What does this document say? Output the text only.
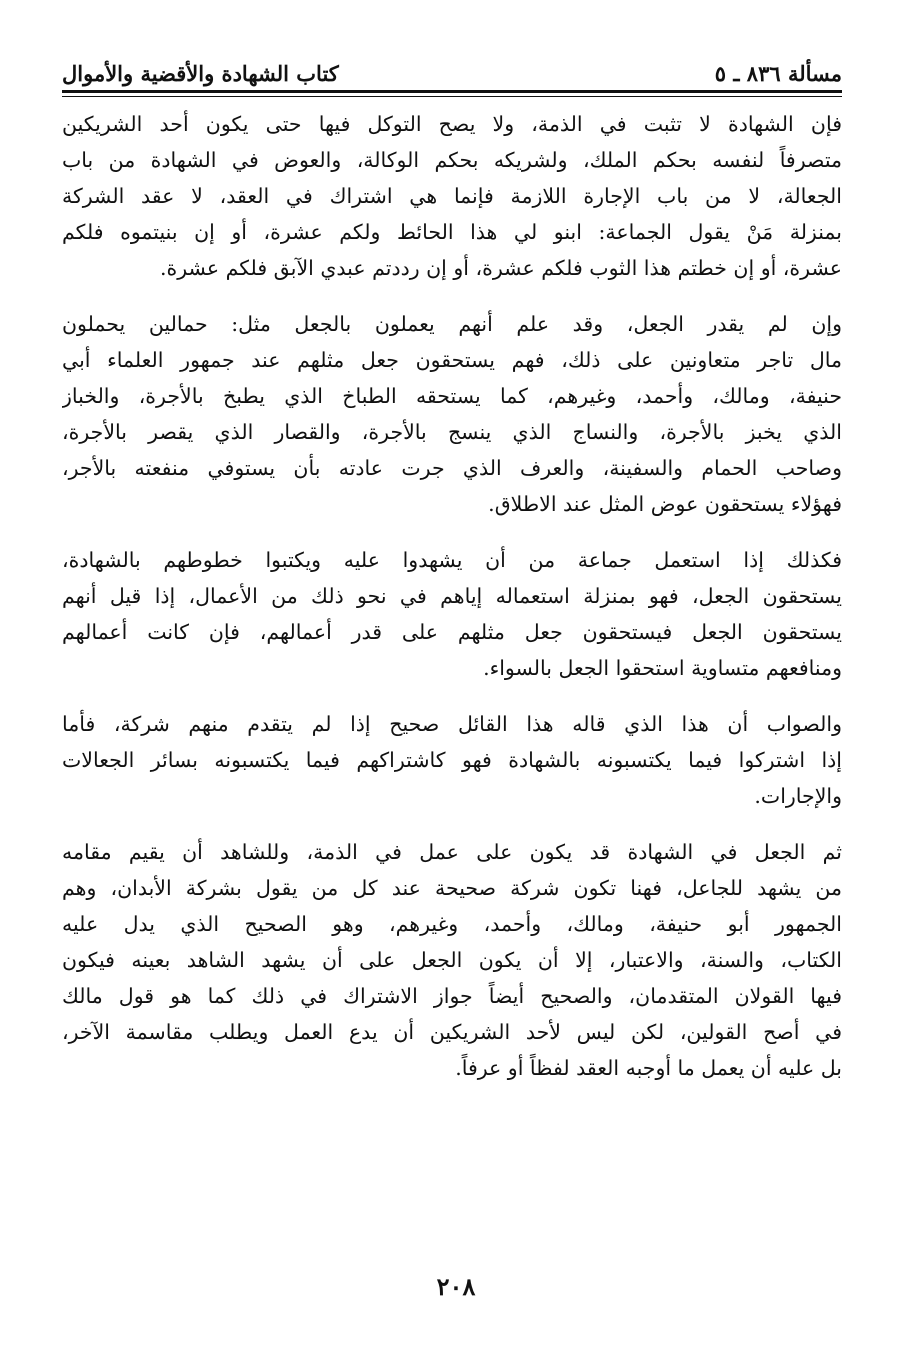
مسألة ٨٣٦ ـ ٥
كتاب الشهادة والأقضية والأموال
فإن الشهادة لا تثبت في الذمة، ولا يصح التوكل فيها حتى يكون أحد الشريكين
متصرفاً لنفسه بحكم الملك، ولشريكه بحكم الوكالة، والعوض في الشهادة من باب
الجعالة، لا من باب الإجارة اللازمة فإنما هي اشتراك في العقد، لا عقد الشركة
بمنزلة مَنْ يقول الجماعة: ابنو لي هذا الحائط ولكم عشرة، أو إن بنيتموه فلكم
عشرة، أو إن خطتم هذا الثوب فلكم عشرة، أو إن رددتم عبدي الآبق فلكم عشرة.
وإن لم يقدر الجعل، وقد علم أنهم يعملون بالجعل مثل: حمالين يحملون
مال تاجر متعاونين على ذلك، فهم يستحقون جعل مثلهم عند جمهور العلماء أبي
حنيفة، ومالك، وأحمد، وغيرهم، كما يستحقه الطباخ الذي يطبخ بالأجرة، والخباز
الذي يخبز بالأجرة، والنساج الذي ينسج بالأجرة، والقصار الذي يقصر بالأجرة،
وصاحب الحمام والسفينة، والعرف الذي جرت عادته بأن يستوفي منفعته بالأجر،
فهؤلاء يستحقون عوض المثل عند الاطلاق.
فكذلك إذا استعمل جماعة من أن يشهدوا عليه ويكتبوا خطوطهم بالشهادة،
يستحقون الجعل، فهو بمنزلة استعماله إياهم في نحو ذلك من الأعمال، إذا قيل أنهم
يستحقون الجعل فيستحقون جعل مثلهم على قدر أعمالهم، فإن كانت أعمالهم
ومنافعهم متساوية استحقوا الجعل بالسواء.
والصواب أن هذا الذي قاله هذا القائل صحيح إذا لم يتقدم منهم شركة، فأما
إذا اشتركوا فيما يكتسبونه بالشهادة فهو كاشتراكهم فيما يكتسبونه بسائر الجعالات
والإجارات.
ثم الجعل في الشهادة قد يكون على عمل في الذمة، وللشاهد أن يقيم مقامه
من يشهد للجاعل، فهنا تكون شركة صحيحة عند كل من يقول بشركة الأبدان، وهم
الجمهور أبو حنيفة، ومالك، وأحمد، وغيرهم، وهو الصحيح الذي يدل عليه
الكتاب، والسنة، والاعتبار، إلا أن يكون الجعل على أن يشهد الشاهد بعينه فيكون
فيها القولان المتقدمان، والصحيح أيضاً جواز الاشتراك في ذلك كما هو قول مالك
في أصح القولين، لكن ليس لأحد الشريكين أن يدع العمل ويطلب مقاسمة الآخر،
بل عليه أن يعمل ما أوجبه العقد لفظاً أو عرفاً.
٢٠٨
